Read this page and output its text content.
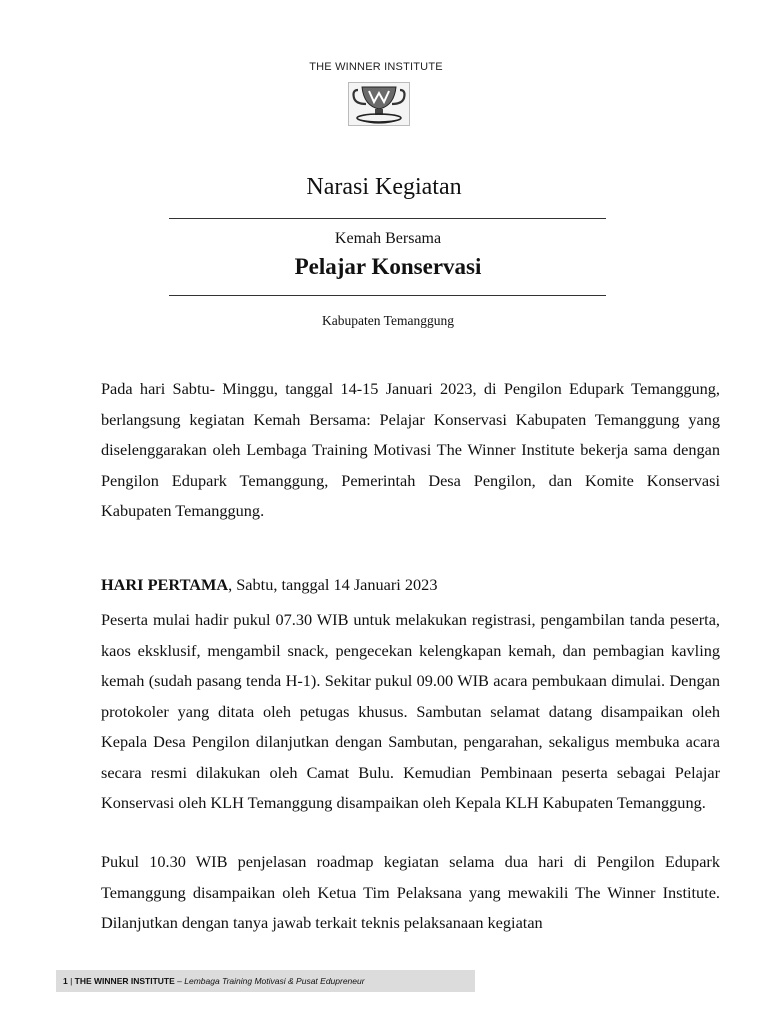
THE WINNER INSTITUTE
Narasi Kegiatan
Kemah Bersama
Pelajar Konservasi
Kabupaten Temanggung

Pada hari Sabtu- Minggu, tanggal 14-15 Januari 2023, di Pengilon Edupark Temanggung, berlangsung kegiatan Kemah Bersama: Pelajar Konservasi Kabupaten Temanggung yang diselenggarakan oleh Lembaga Training Motivasi The Winner Institute bekerja sama dengan Pengilon Edupark Temanggung, Pemerintah Desa Pengilon, dan Komite Konservasi Kabupaten Temanggung.

HARI PERTAMA, Sabtu, tanggal 14 Januari 2023

Peserta mulai hadir pukul 07.30 WIB untuk melakukan registrasi, pengambilan tanda peserta, kaos eksklusif, mengambil snack, pengecekan kelengkapan kemah, dan pembagian kavling kemah (sudah pasang tenda H-1). Sekitar pukul 09.00 WIB acara pembukaan dimulai. Dengan protokoler yang ditata oleh petugas khusus. Sambutan selamat datang disampaikan oleh Kepala Desa Pengilon dilanjutkan dengan Sambutan, pengarahan, sekaligus membuka acara secara resmi dilakukan oleh Camat Bulu. Kemudian Pembinaan peserta sebagai Pelajar Konservasi oleh KLH Temanggung disampaikan oleh Kepala KLH Kabupaten Temanggung.

Pukul 10.30 WIB penjelasan roadmap kegiatan selama dua hari di Pengilon Edupark Temanggung disampaikan oleh Ketua Tim Pelaksana yang mewakili The Winner Institute. Dilanjutkan dengan tanya jawab terkait teknis pelaksanaan kegiatan

1 | THE WINNER INSTITUTE – Lembaga Training Motivasi & Pusat Edupreneur
